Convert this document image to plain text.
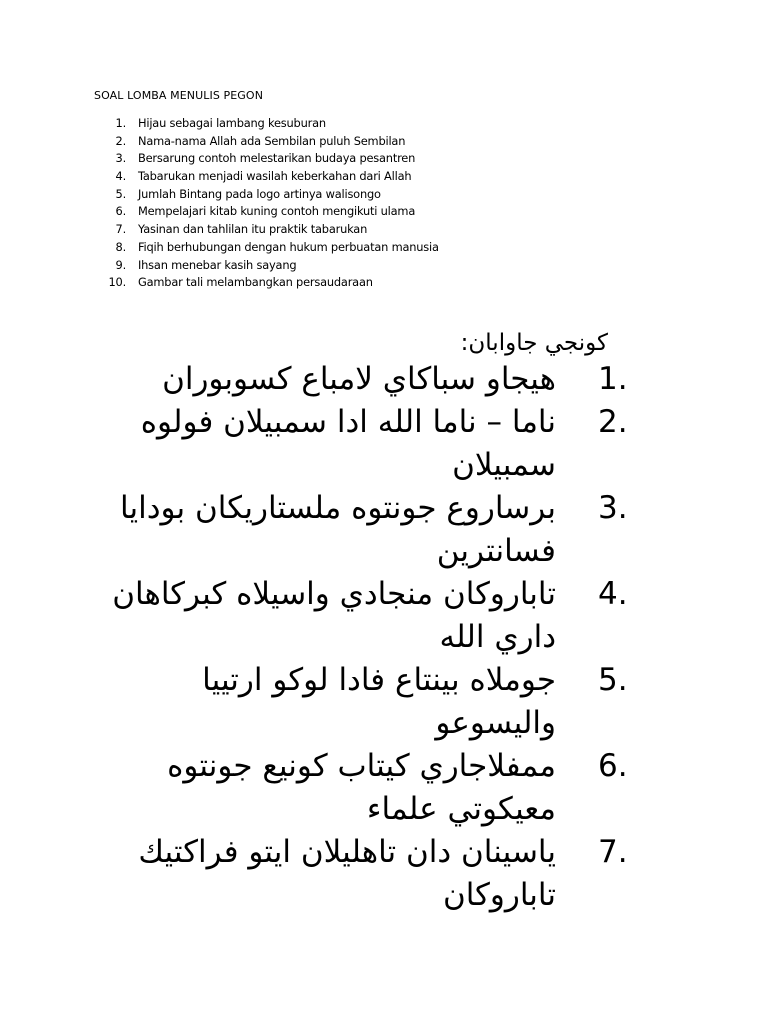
SOAL LOMBA MENULIS PEGON
1. Hijau sebagai lambang kesuburan
2. Nama-nama Allah ada Sembilan puluh Sembilan
3. Bersarung contoh melestarikan budaya pesantren
4. Tabarukan menjadi wasilah keberkahan dari Allah
5. Jumlah Bintang pada logo artinya walisongo
6. Mempelajari kitab kuning contoh mengikuti ulama
7. Yasinan dan tahlilan itu praktik tabarukan
8. Fiqih berhubungan dengan hukum perbuatan manusia
9. Ihsan menebar kasih sayang
10. Gambar tali melambangkan persaudaraan
كونجي جاوابان:
1.
هيجاو سباكاي لامباع كسوبوران
2.
ناما – ناما الله ادا سمبيلان فولوه سمبيلان
3.
برساروع جونتوه ملستاريكان بودايا فسانترين
4.
تاباروكان منجادي واسيلاه كبركاهان داري الله
5.
جوملاه بينتاع فادا لوكو ارتييا واليسوعو
6.
ممفلاجاري كيتاب كونيع جونتوه معيكوتي علماء
7.
ياسينان دان تاهليلان ايتو فراكتيك تاباروكان
